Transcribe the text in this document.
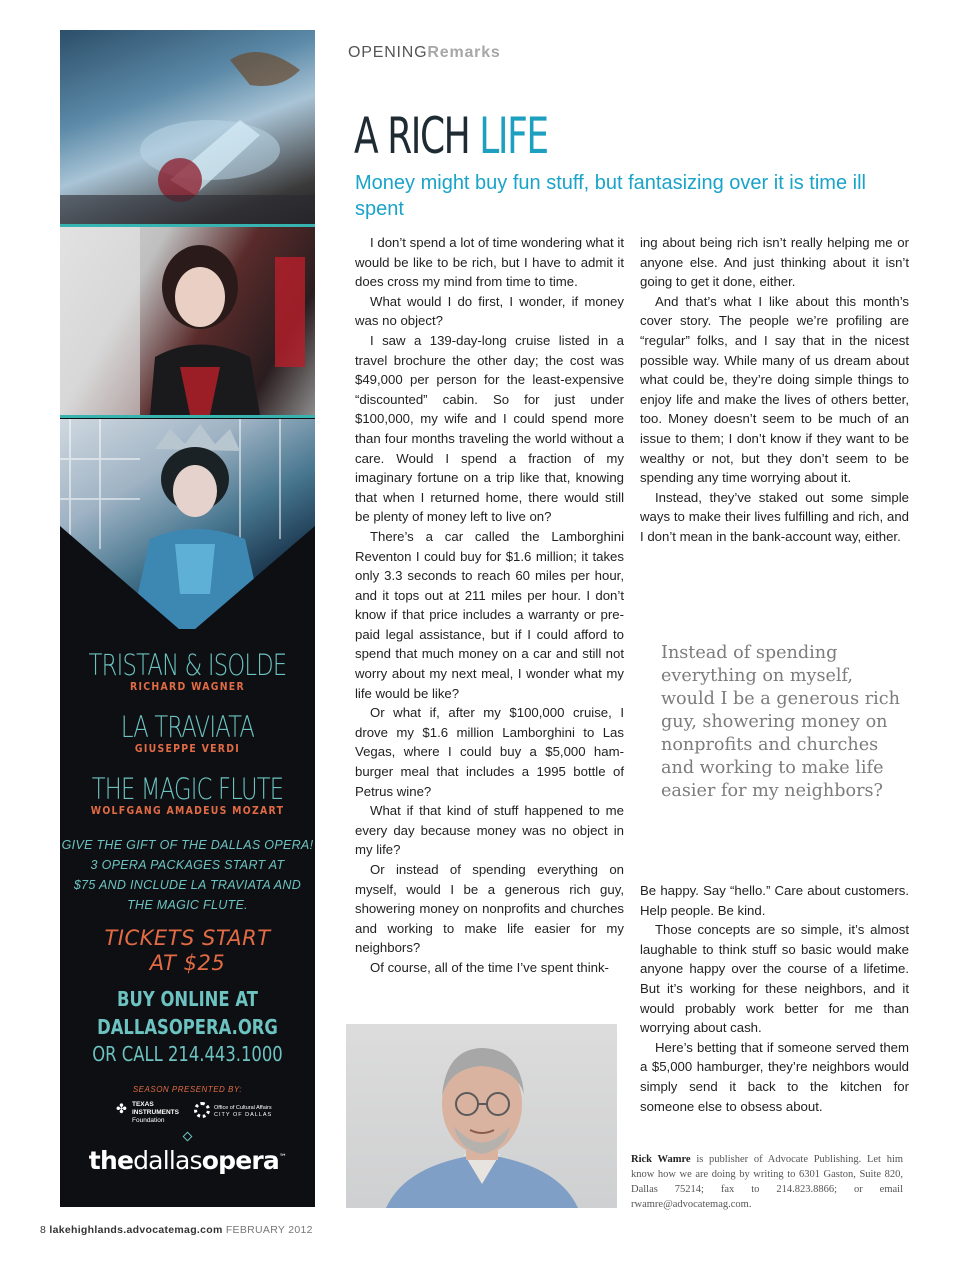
TRISTAN & ISOLDE
RICHARD WAGNER
LA TRAVIATA
GIUSEPPE VERDI
THE MAGIC FLUTE
WOLFGANG AMADEUS MOZART
GIVE THE GIFT OF THE DALLAS OPERA!
3 OPERA PACKAGES START AT
$75 AND INCLUDE LA TRAVIATA AND
THE MAGIC FLUTE.
TICKETS START
AT $25
BUY ONLINE AT
DALLASOPERA.ORG
OR CALL 214.443.1000
SEASON PRESENTED BY:
✤ TEXAS
INSTRUMENTS
Foundation
Office of Cultural Affairs
CITY OF DALLAS
thedallasopera™
OPENINGRemarks
A RICH LIFE
Money might buy fun stuff, but fantasizing over it is time ill spent

I don’t spend a lot of time wondering what it would be like to be rich, but I have to admit it does cross my mind from time to time.

What would I do first, I wonder, if money was no object?

I saw a 139-day-long cruise listed in a travel brochure the other day; the cost was $49,000 per person for the least-expensive “discounted” cabin. So for just under $100,000, my wife and I could spend more than four months traveling the world without a care. Would I spend a fraction of my imaginary fortune on a trip like that, knowing that when I returned home, there would still be plenty of money left to live on?

There’s a car called the Lamborghini Reventon I could buy for $1.6 million; it takes only 3.3 seconds to reach 60 miles per hour, and it tops out at 211 miles per hour. I don’t know if that price includes a warranty or pre-paid legal assistance, but if I could afford to spend that much money on a car and still not worry about my next meal, I wonder what my life would be like?

Or what if, after my $100,000 cruise, I drove my $1.6 million Lamborghini to Las Vegas, where I could buy a $5,000 hamburger meal that includes a 1995 bottle of Petrus wine?

What if that kind of stuff happened to me every day because money was no object in my life?

Or instead of spending everything on myself, would I be a generous rich guy, showering money on nonprofits and churches and working to make life easier for my neighbors?

Of course, all of the time I’ve spent think-

ing about being rich isn’t really helping me or anyone else. And just thinking about it isn’t going to get it done, either.

And that’s what I like about this month’s cover story. The people we’re profiling are “regular” folks, and I say that in the nicest possible way. While many of us dream about what could be, they’re doing simple things to enjoy life and make the lives of others better, too. Money doesn’t seem to be much of an issue to them; I don’t know if they want to be wealthy or not, but they don’t seem to be spending any time worrying about it.

Instead, they’ve staked out some simple ways to make their lives fulfilling and rich, and I don’t mean in the bank-account way, either.

Instead of spending everything on myself, would I be a generous rich guy, showering money on nonprofits and churches and working to make life easier for my neighbors?

Be happy. Say “hello.” Care about customers. Help people. Be kind.

Those concepts are so simple, it’s almost laughable to think stuff so basic would make anyone happy over the course of a lifetime. But it’s working for these neighbors, and it would probably work better for me than worrying about cash.

Here’s betting that if someone served them a $5,000 hamburger, they’re neighbors would simply send it back to the kitchen for someone else to obsess about.

Rick Wamre is publisher of Advocate Publishing. Let him know how we are doing by writing to 6301 Gaston, Suite 820, Dallas 75214; fax to 214.823.8866; or email rwamre@advocatemag.com.
8 lakehighlands.advocatemag.com FEBRUARY 2012
